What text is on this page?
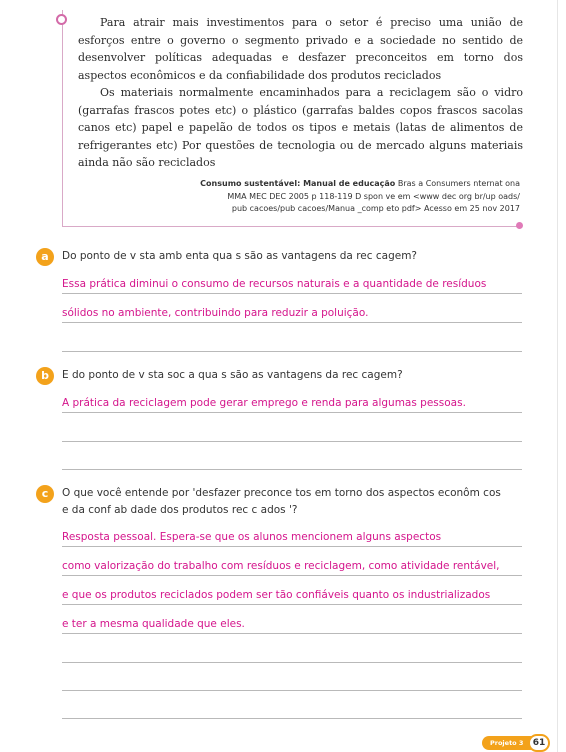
Para atrair mais investimentos para o setor é preciso uma união de esforços entre o governo o segmento privado e a sociedade no sentido de desenvolver políticas adequadas e desfazer preconceitos em torno dos aspectos econômicos e da confiabilidade dos produtos reciclados

Os materiais normalmente encaminhados para a reciclagem são o vidro (garrafas frascos potes etc) o plástico (garrafas baldes copos frascos sacolas canos etc) papel e papelão de todos os tipos e metais (latas de alimentos de refrigerantes etc) Por questões de tecnologia ou de mercado alguns materiais ainda não são reciclados

Consumo sustentável: Manual de educação Bras a Consumers nternat ona
MMA MEC DEC 2005 p 118-119 D spon ve em <www dec org br/up oads/
pub cacoes/pub cacoes/Manua _comp eto pdf> Acesso em 25 nov 2017
a	Do ponto de v sta amb enta qua s são as vantagens da rec cagem?
Essa prática diminui o consumo de recursos naturais e a quantidade de resíduos
sólidos no ambiente, contribuindo para reduzir a poluição.
b	E do ponto de v sta soc a qua s são as vantagens da rec cagem?
A prática da reciclagem pode gerar emprego e renda para algumas pessoas.
c	O que você entende por 'desfazer preconce tos em torno dos aspectos econôm cos
e da conf ab dade dos produtos rec c ados '?
Resposta pessoal. Espera-se que os alunos mencionem alguns aspectos
como valorização do trabalho com resíduos e reciclagem, como atividade rentável,
e que os produtos reciclados podem ser tão confiáveis quanto os industrializados
e ter a mesma qualidade que eles.
Projeto 3	61
